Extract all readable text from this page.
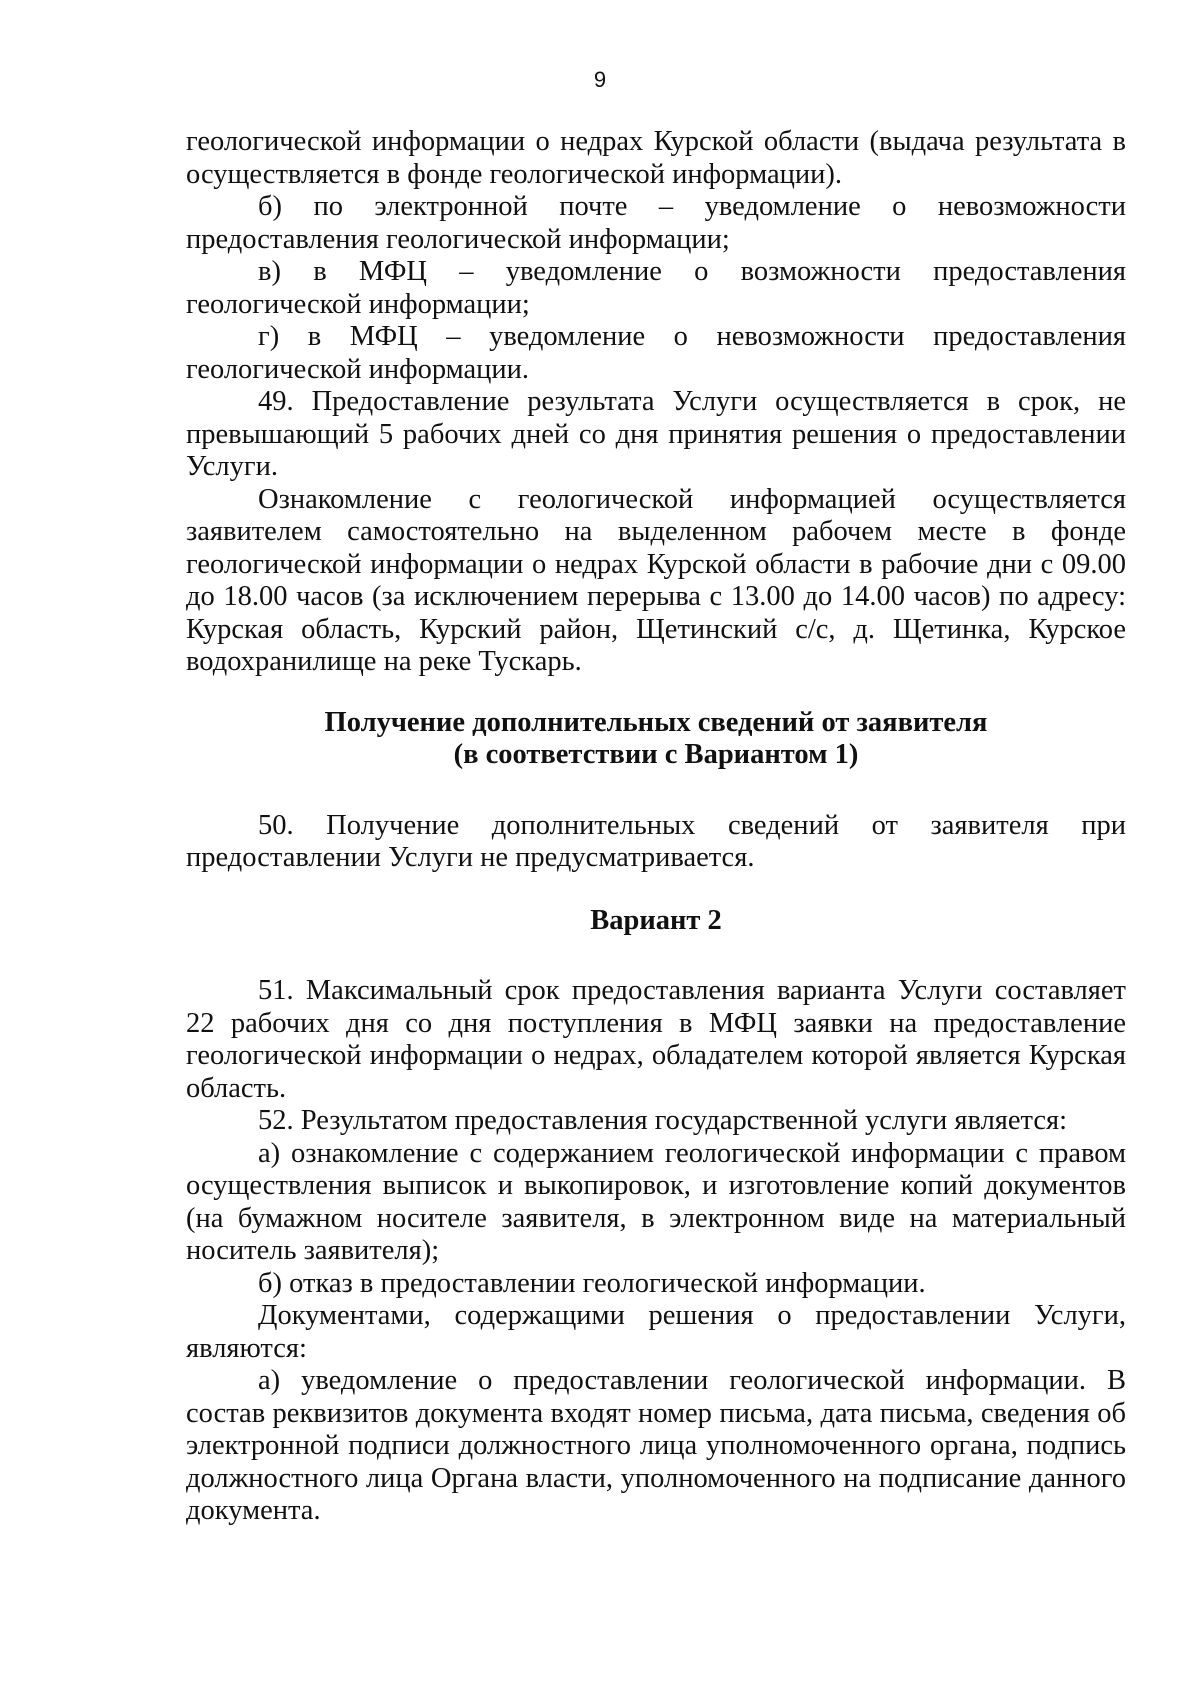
9

геологической информации о недрах Курской области (выдача результата в осуществляется в фонде геологической информации).

б) по электронной почте – уведомление о невозможности предоставления геологической информации;

в) в МФЦ – уведомление о возможности предоставления геологической информации;

г) в МФЦ – уведомление о невозможности предоставления геологической информации.

49. Предоставление результата Услуги осуществляется в срок, не превышающий 5 рабочих дней со дня принятия решения о предоставлении Услуги.

Ознакомление с геологической информацией осуществляется заявителем самостоятельно на выделенном рабочем месте в фонде геологической информации о недрах Курской области в рабочие дни с 09.00 до 18.00 часов (за исключением перерыва с 13.00 до 14.00 часов) по адресу: Курская область, Курский район, Щетинский с/с, д. Щетинка, Курское водохранилище на реке Тускарь.

Получение дополнительных сведений от заявителя

(в соответствии с Вариантом 1)

50. Получение дополнительных сведений от заявителя при предоставлении Услуги не предусматривается.

Вариант 2

51. Максимальный срок предоставления варианта Услуги составляет 22 рабочих дня со дня поступления в МФЦ заявки на предоставление геологической информации о недрах, обладателем которой является Курская область.

52. Результатом предоставления государственной услуги является:

а) ознакомление с содержанием геологической информации с правом осуществления выписок и выкопировок, и изготовление копий документов (на бумажном носителе заявителя, в электронном виде на материальный носитель заявителя);

б) отказ в предоставлении геологической информации.

Документами, содержащими решения о предоставлении Услуги, являются:

а) уведомление о предоставлении геологической информации. В состав реквизитов документа входят номер письма, дата письма, сведения об электронной подписи должностного лица уполномоченного органа, подпись должностного лица Органа власти, уполномоченного на подписание данного документа.
